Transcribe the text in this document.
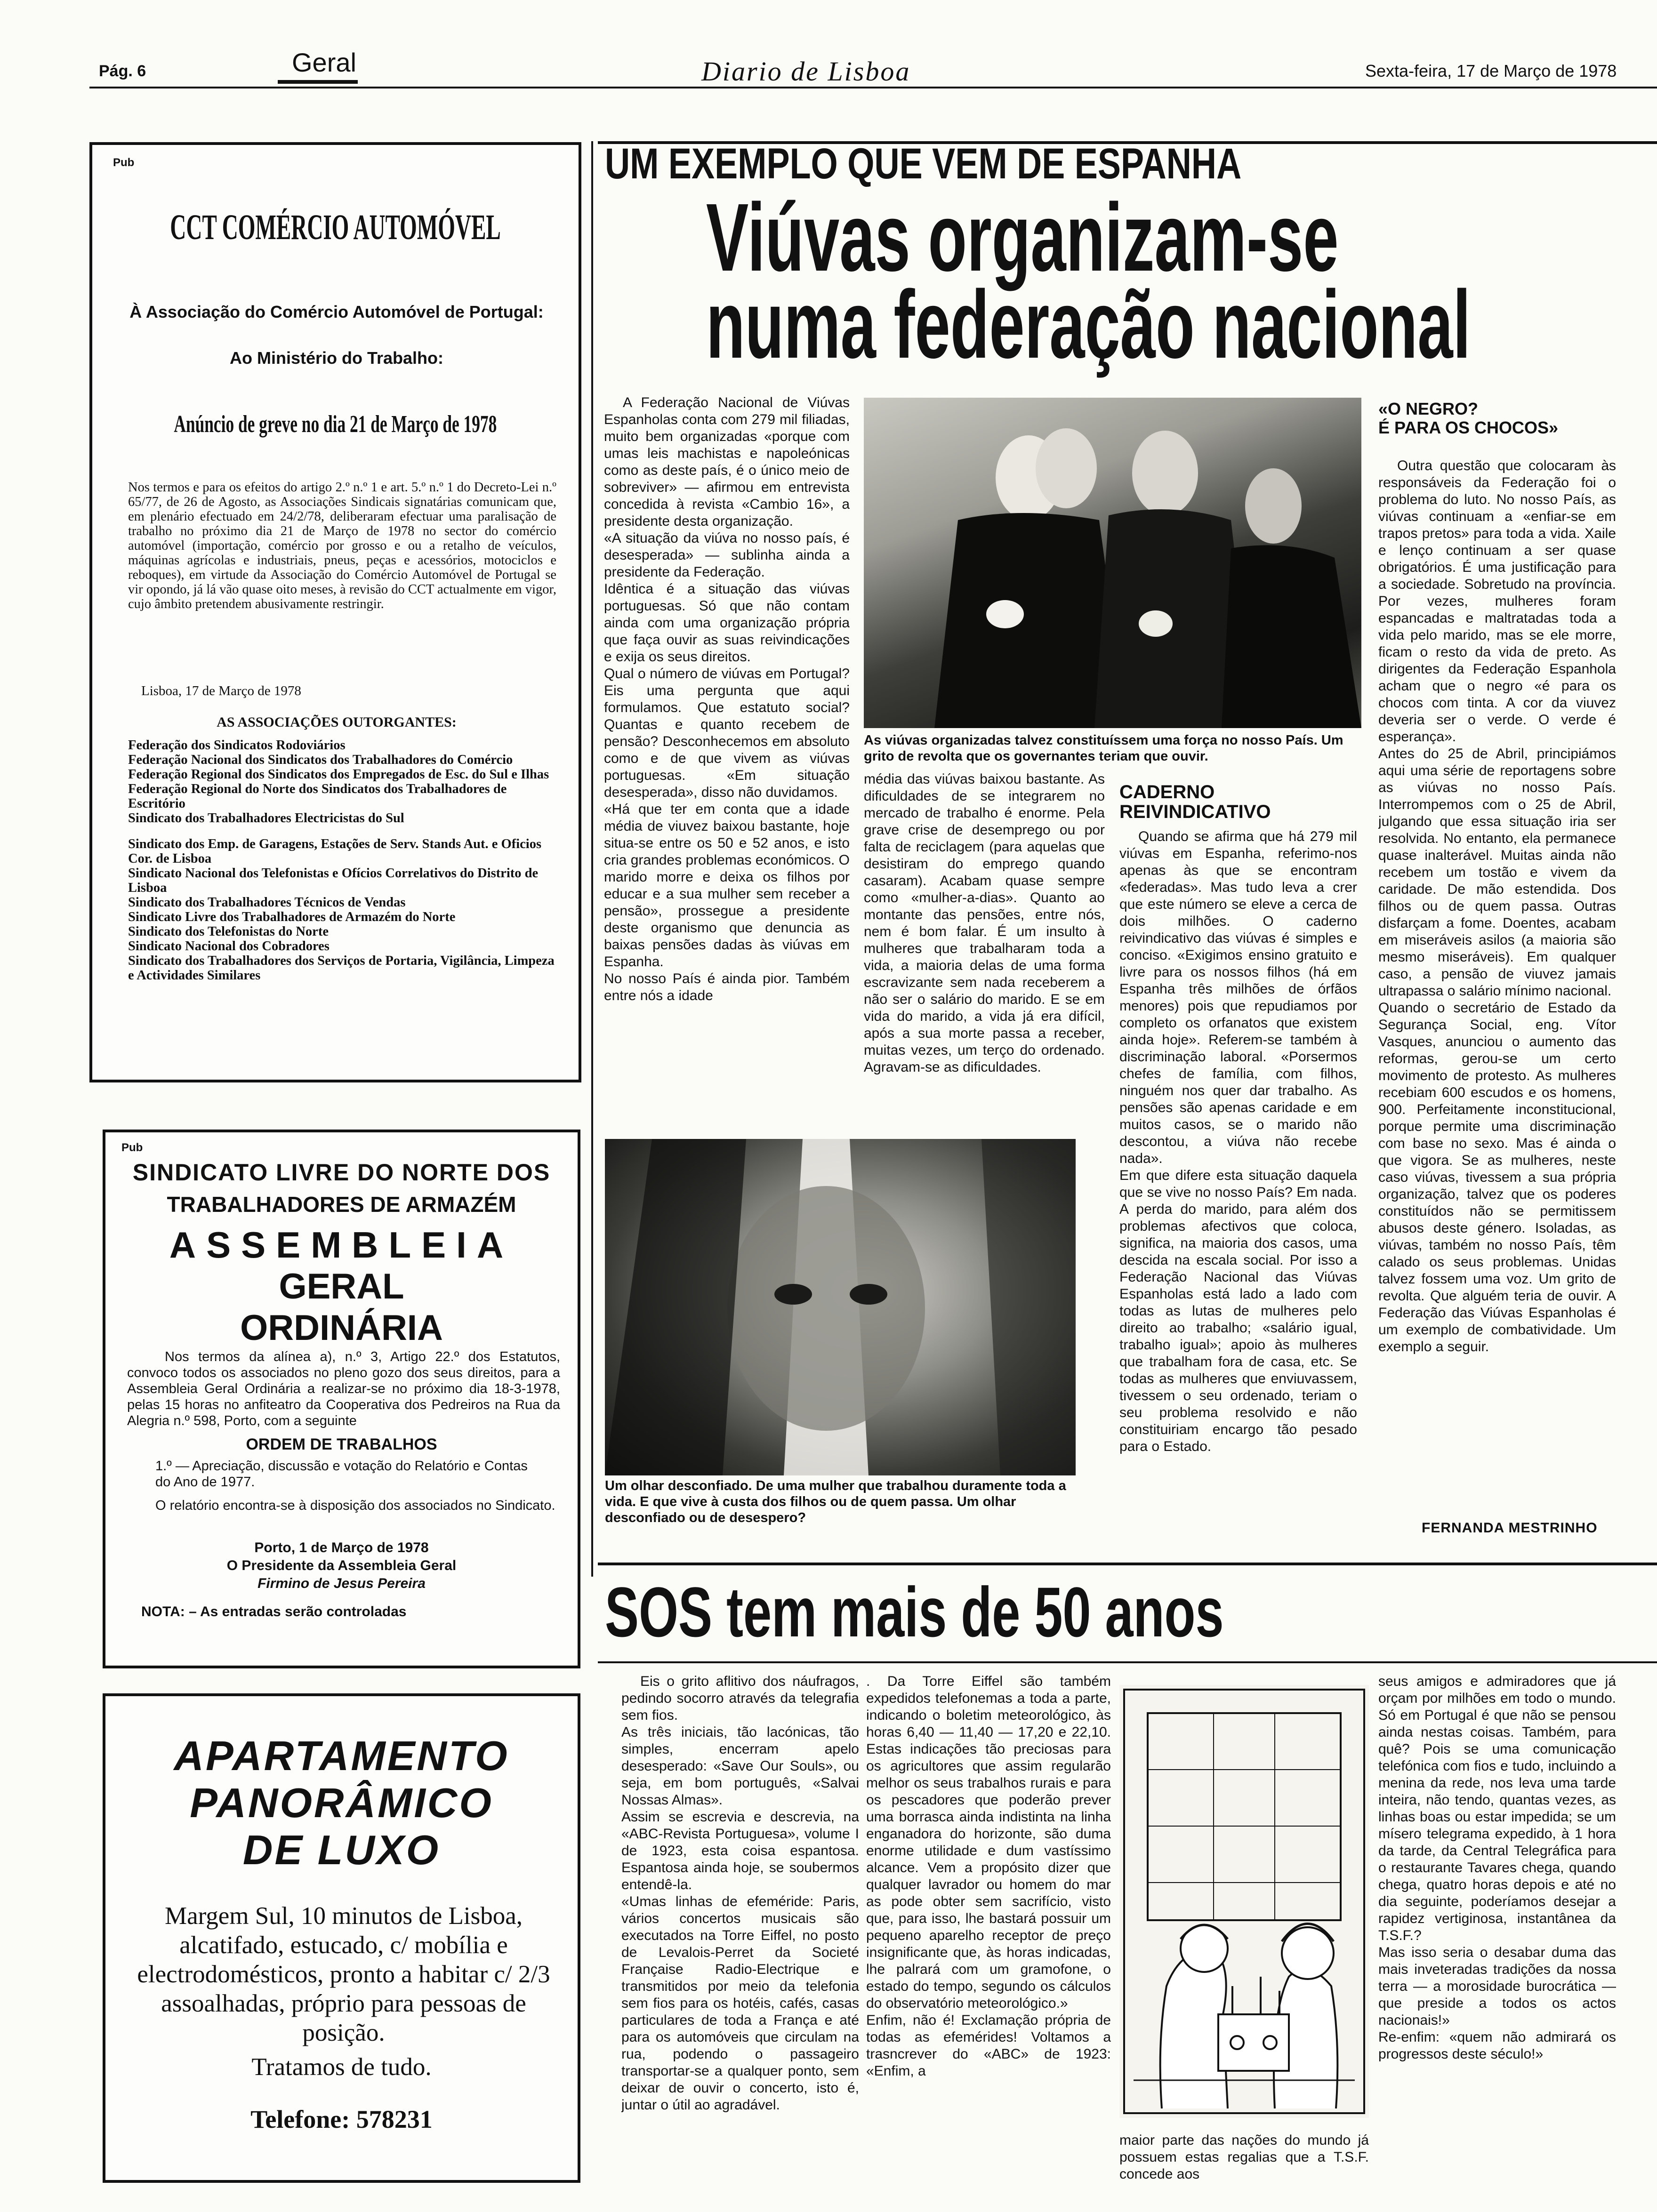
Pág. 6	Geral	Diario de Lisboa	Sexta-feira, 17 de Março de 1978
Pub
CCT COMÉRCIO AUTOMÓVEL
À Associação do Comércio Automóvel de Portugal:
Ao Ministério do Trabalho:
Anúncio de greve no dia 21 de Março de 1978
Nos termos e para os efeitos do artigo 2.º n.º 1 e art. 5.º n.º 1 do Decreto-Lei n.º 65/77, de 26 de Agosto, as Associações Sindicais signatárias comunicam que, em plenário efectuado em 24/2/78, deliberaram efectuar uma paralisação de trabalho no próximo dia 21 de Março de 1978 no sector do comércio automóvel (importação, comércio por grosso e ou a retalho de veículos, máquinas agrícolas e industriais, pneus, peças e acessórios, motociclos e reboques), em virtude da Associação do Comércio Automóvel de Portugal se vir opondo, já lá vão quase oito meses, à revisão do CCT actualmente em vigor, cujo âmbito pretendem abusivamente restringir.
Lisboa, 17 de Março de 1978
AS ASSOCIAÇÕES OUTORGANTES:
Federação dos Sindicatos Rodoviários
Federação Nacional dos Sindicatos dos Trabalhadores do Comércio
Federação Regional dos Sindicatos dos Empregados de Esc. do Sul e Ilhas
Federação Regional do Norte dos Sindicatos dos Trabalhadores de Escritório
Sindicato dos Trabalhadores Electricistas do Sul
Sindicato dos Emp. de Garagens, Estações de Serv. Stands Aut. e Oficios Cor. de Lisboa
Sindicato Nacional dos Telefonistas e Ofícios Correlativos do Distrito de Lisboa
Sindicato dos Trabalhadores Técnicos de Vendas
Sindicato Livre dos Trabalhadores de Armazém do Norte
Sindicato dos Telefonistas do Norte
Sindicato Nacional dos Cobradores
Sindicato dos Trabalhadores dos Serviços de Portaria, Vigilância, Limpeza e Actividades Similares
Pub
SINDICATO LIVRE DO NORTE DOS
TRABALHADORES DE ARMAZÉM
ASSEMBLEIA
GERAL
ORDINÁRIA
Nos termos da alínea a), n.º 3, Artigo 22.º dos Estatutos, convoco todos os associados no pleno gozo dos seus direitos, para a Assembleia Geral Ordinária a realizar-se no próximo dia 18-3-1978, pelas 15 horas no anfiteatro da Cooperativa dos Pedreiros na Rua da Alegria n.º 598, Porto, com a seguinte
ORDEM DE TRABALHOS
1.º — Apreciação, discussão e votação do Relatório e Contas do Ano de 1977.
O relatório encontra-se à disposição dos associados no Sindicato.
Porto, 1 de Março de 1978
O Presidente da Assembleia Geral
Firmino de Jesus Pereira
NOTA: – As entradas serão controladas
APARTAMENTO
PANORÂMICO
DE LUXO
Margem Sul, 10 minutos de Lisboa, alcatifado, estucado, c/ mobília e electrodomésticos, pronto a habitar c/ 2/3 assoalhadas, próprio para pessoas de posição.
Tratamos de tudo.
Telefone: 578231
UM EXEMPLO QUE VEM DE ESPANHA
Viúvas organizam-se
numa federação nacional
A Federação Nacional de Viúvas Espanholas conta com 279 mil filiadas, muito bem organizadas «porque com umas leis machistas e napoleónicas como as deste país, é o único meio de sobreviver» — afirmou em entrevista concedida à revista «Cambio 16», a presidente desta organização.
«A situação da viúva no nosso país, é desesperada» — sublinha ainda a presidente da Federação.
Idêntica é a situação das viúvas portuguesas. Só que não contam ainda com uma organização própria que faça ouvir as suas reivindicações e exija os seus direitos.
Qual o número de viúvas em Portugal? Eis uma pergunta que aqui formulamos. Que estatuto social? Quantas e quanto recebem de pensão? Desconhecemos em absoluto como e de que vivem as viúvas portuguesas. «Em situação desesperada», disso não duvidamos.
«Há que ter em conta que a idade média de viuvez baixou bastante, hoje situa-se entre os 50 e 52 anos, e isto cria grandes problemas económicos. O marido morre e deixa os filhos por educar e a sua mulher sem receber a pensão», prossegue a presidente deste organismo que denuncia as baixas pensões dadas às viúvas em Espanha.
No nosso País é ainda pior. Também entre nós a idade
As viúvas organizadas talvez constituíssem uma força no nosso País. Um grito de revolta que os governantes teriam que ouvir.
média das viúvas baixou bastante. As dificuldades de se integrarem no mercado de trabalho é enorme. Pela grave crise de desemprego ou por falta de reciclagem (para aquelas que desistiram do emprego quando casaram). Acabam quase sempre como «mulher-a-dias». Quanto ao montante das pensões, entre nós, nem é bom falar. É um insulto à mulheres que trabalharam toda a vida, a maioria delas de uma forma escravizante sem nada receberem a não ser o salário do marido. E se em vida do marido, a vida já era difícil, após a sua morte passa a receber, muitas vezes, um terço do ordenado. Agravam-se as dificuldades.
CADERNO REIVINDICATIVO
Quando se afirma que há 279 mil viúvas em Espanha, referimo-nos apenas às que se encontram «federadas». Mas tudo leva a crer que este número se eleve a cerca de dois milhões. O caderno reivindicativo das viúvas é simples e conciso. «Exigimos ensino gratuito e livre para os nossos filhos (há em Espanha três milhões de órfãos menores) pois que repudiamos por completo os orfanatos que existem ainda hoje». Referem-se também à discriminação laboral. «Porsermos chefes de família, com filhos, ninguém nos quer dar trabalho. As pensões são apenas caridade e em muitos casos, se o marido não descontou, a viúva não recebe nada».
Em que difere esta situação daquela que se vive no nosso País? Em nada. A perda do marido, para além dos problemas afectivos que coloca, significa, na maioria dos casos, uma descida na escala social. Por isso a Federação Nacional das Viúvas Espanholas está lado a lado com todas as lutas de mulheres pelo direito ao trabalho; «salário igual, trabalho igual»; apoio às mulheres que trabalham fora de casa, etc. Se todas as mulheres que enviuvassem, tivessem o seu ordenado, teriam o seu problema resolvido e não constituiriam encargo tão pesado para o Estado.
Um olhar desconfiado. De uma mulher que trabalhou duramente toda a vida. E que vive à custa dos filhos ou de quem passa. Um olhar desconfiado ou de desespero?
«O NEGRO?
É PARA OS CHOCOS»
Outra questão que colocaram às responsáveis da Federação foi o problema do luto. No nosso País, as viúvas continuam a «enfiar-se em trapos pretos» para toda a vida. Xaile e lenço continuam a ser quase obrigatórios. É uma justificação para a sociedade. Sobretudo na província. Por vezes, mulheres foram espancadas e maltratadas toda a vida pelo marido, mas se ele morre, ficam o resto da vida de preto. As dirigentes da Federação Espanhola acham que o negro «é para os chocos com tinta. A cor da viuvez deveria ser o verde. O verde é esperança».
Antes do 25 de Abril, principiámos aqui uma série de reportagens sobre as viúvas no nosso País. Interrompemos com o 25 de Abril, julgando que essa situação iria ser resolvida. No entanto, ela permanece quase inalterável. Muitas ainda não recebem um tostão e vivem da caridade. De mão estendida. Dos filhos ou de quem passa. Outras disfarçam a fome. Doentes, acabam em miseráveis asilos (a maioria são mesmo miseráveis). Em qualquer caso, a pensão de viuvez jamais ultrapassa o salário mínimo nacional.
Quando o secretário de Estado da Segurança Social, eng. Vítor Vasques, anunciou o aumento das reformas, gerou-se um certo movimento de protesto. As mulheres recebiam 600 escudos e os homens, 900. Perfeitamente inconstitucional, porque permite uma discriminação com base no sexo. Mas é ainda o que vigora. Se as mulheres, neste caso viúvas, tivessem a sua própria organização, talvez que os poderes constituídos não se permitissem abusos deste género. Isoladas, as viúvas, também no nosso País, têm calado os seus problemas. Unidas talvez fossem uma voz. Um grito de revolta. Que alguém teria de ouvir. A Federação das Viúvas Espanholas é um exemplo de combatividade. Um exemplo a seguir.
FERNANDA MESTRINHO
SOS tem mais de 50 anos
Eis o grito aflitivo dos náufragos, pedindo socorro através da telegrafia sem fios.
As três iniciais, tão lacónicas, tão simples, encerram apelo desesperado: «Save Our Souls», ou seja, em bom português, «Salvai Nossas Almas».
Assim se escrevia e descrevia, na «ABC-Revista Portuguesa», volume I de 1923, esta coisa espantosa. Espantosa ainda hoje, se soubermos entendê-la.
«Umas linhas de efeméride: Paris, vários concertos musicais são executados na Torre Eiffel, no posto de Levalois-Perret da Societé Française Radio-Electrique e transmitidos por meio da telefonia sem fios para os hotéis, cafés, casas particulares de toda a França e até para os automóveis que circulam na rua, podendo o passageiro transportar-se a qualquer ponto, sem deixar de ouvir o concerto, isto é, juntar o útil ao agradável.
. Da Torre Eiffel são também expedidos telefonemas a toda a parte, indicando o boletim meteorológico, às horas 6,40 — 11,40 — 17,20 e 22,10. Estas indicações tão preciosas para os agricultores que assim regularão melhor os seus trabalhos rurais e para os pescadores que poderão prever uma borrasca ainda indistinta na linha enganadora do horizonte, são duma enorme utilidade e dum vastíssimo alcance. Vem a propósito dizer que qualquer lavrador ou homem do mar as pode obter sem sacrifício, visto que, para isso, lhe bastará possuir um pequeno aparelho receptor de preço insignificante que, às horas indicadas, lhe palrará com um gramofone, o estado do tempo, segundo os cálculos do observatório meteorológico.»
Enfim, não é! Exclamação própria de todas as efemérides! Voltamos a trasncrever do «ABC» de 1923: «Enfim, a
maior parte das nações do mundo já possuem estas regalias que a T.S.F. concede aos
seus amigos e admiradores que já orçam por milhões em todo o mundo. Só em Portugal é que não se pensou ainda nestas coisas. Também, para quê? Pois se uma comunicação telefónica com fios e tudo, incluindo a menina da rede, nos leva uma tarde inteira, não tendo, quantas vezes, as linhas boas ou estar impedida; se um mísero telegrama expedido, à 1 hora da tarde, da Central Telegráfica para o restaurante Tavares chega, quando chega, quatro horas depois e até no dia seguinte, poderíamos desejar a rapidez vertiginosa, instantânea da T.S.F.?
Mas isso seria o desabar duma das mais inveteradas tradições da nossa terra — a morosidade burocrática — que preside a todos os actos nacionais!»
Re-enfim: «quem não admirará os progressos deste século!»
